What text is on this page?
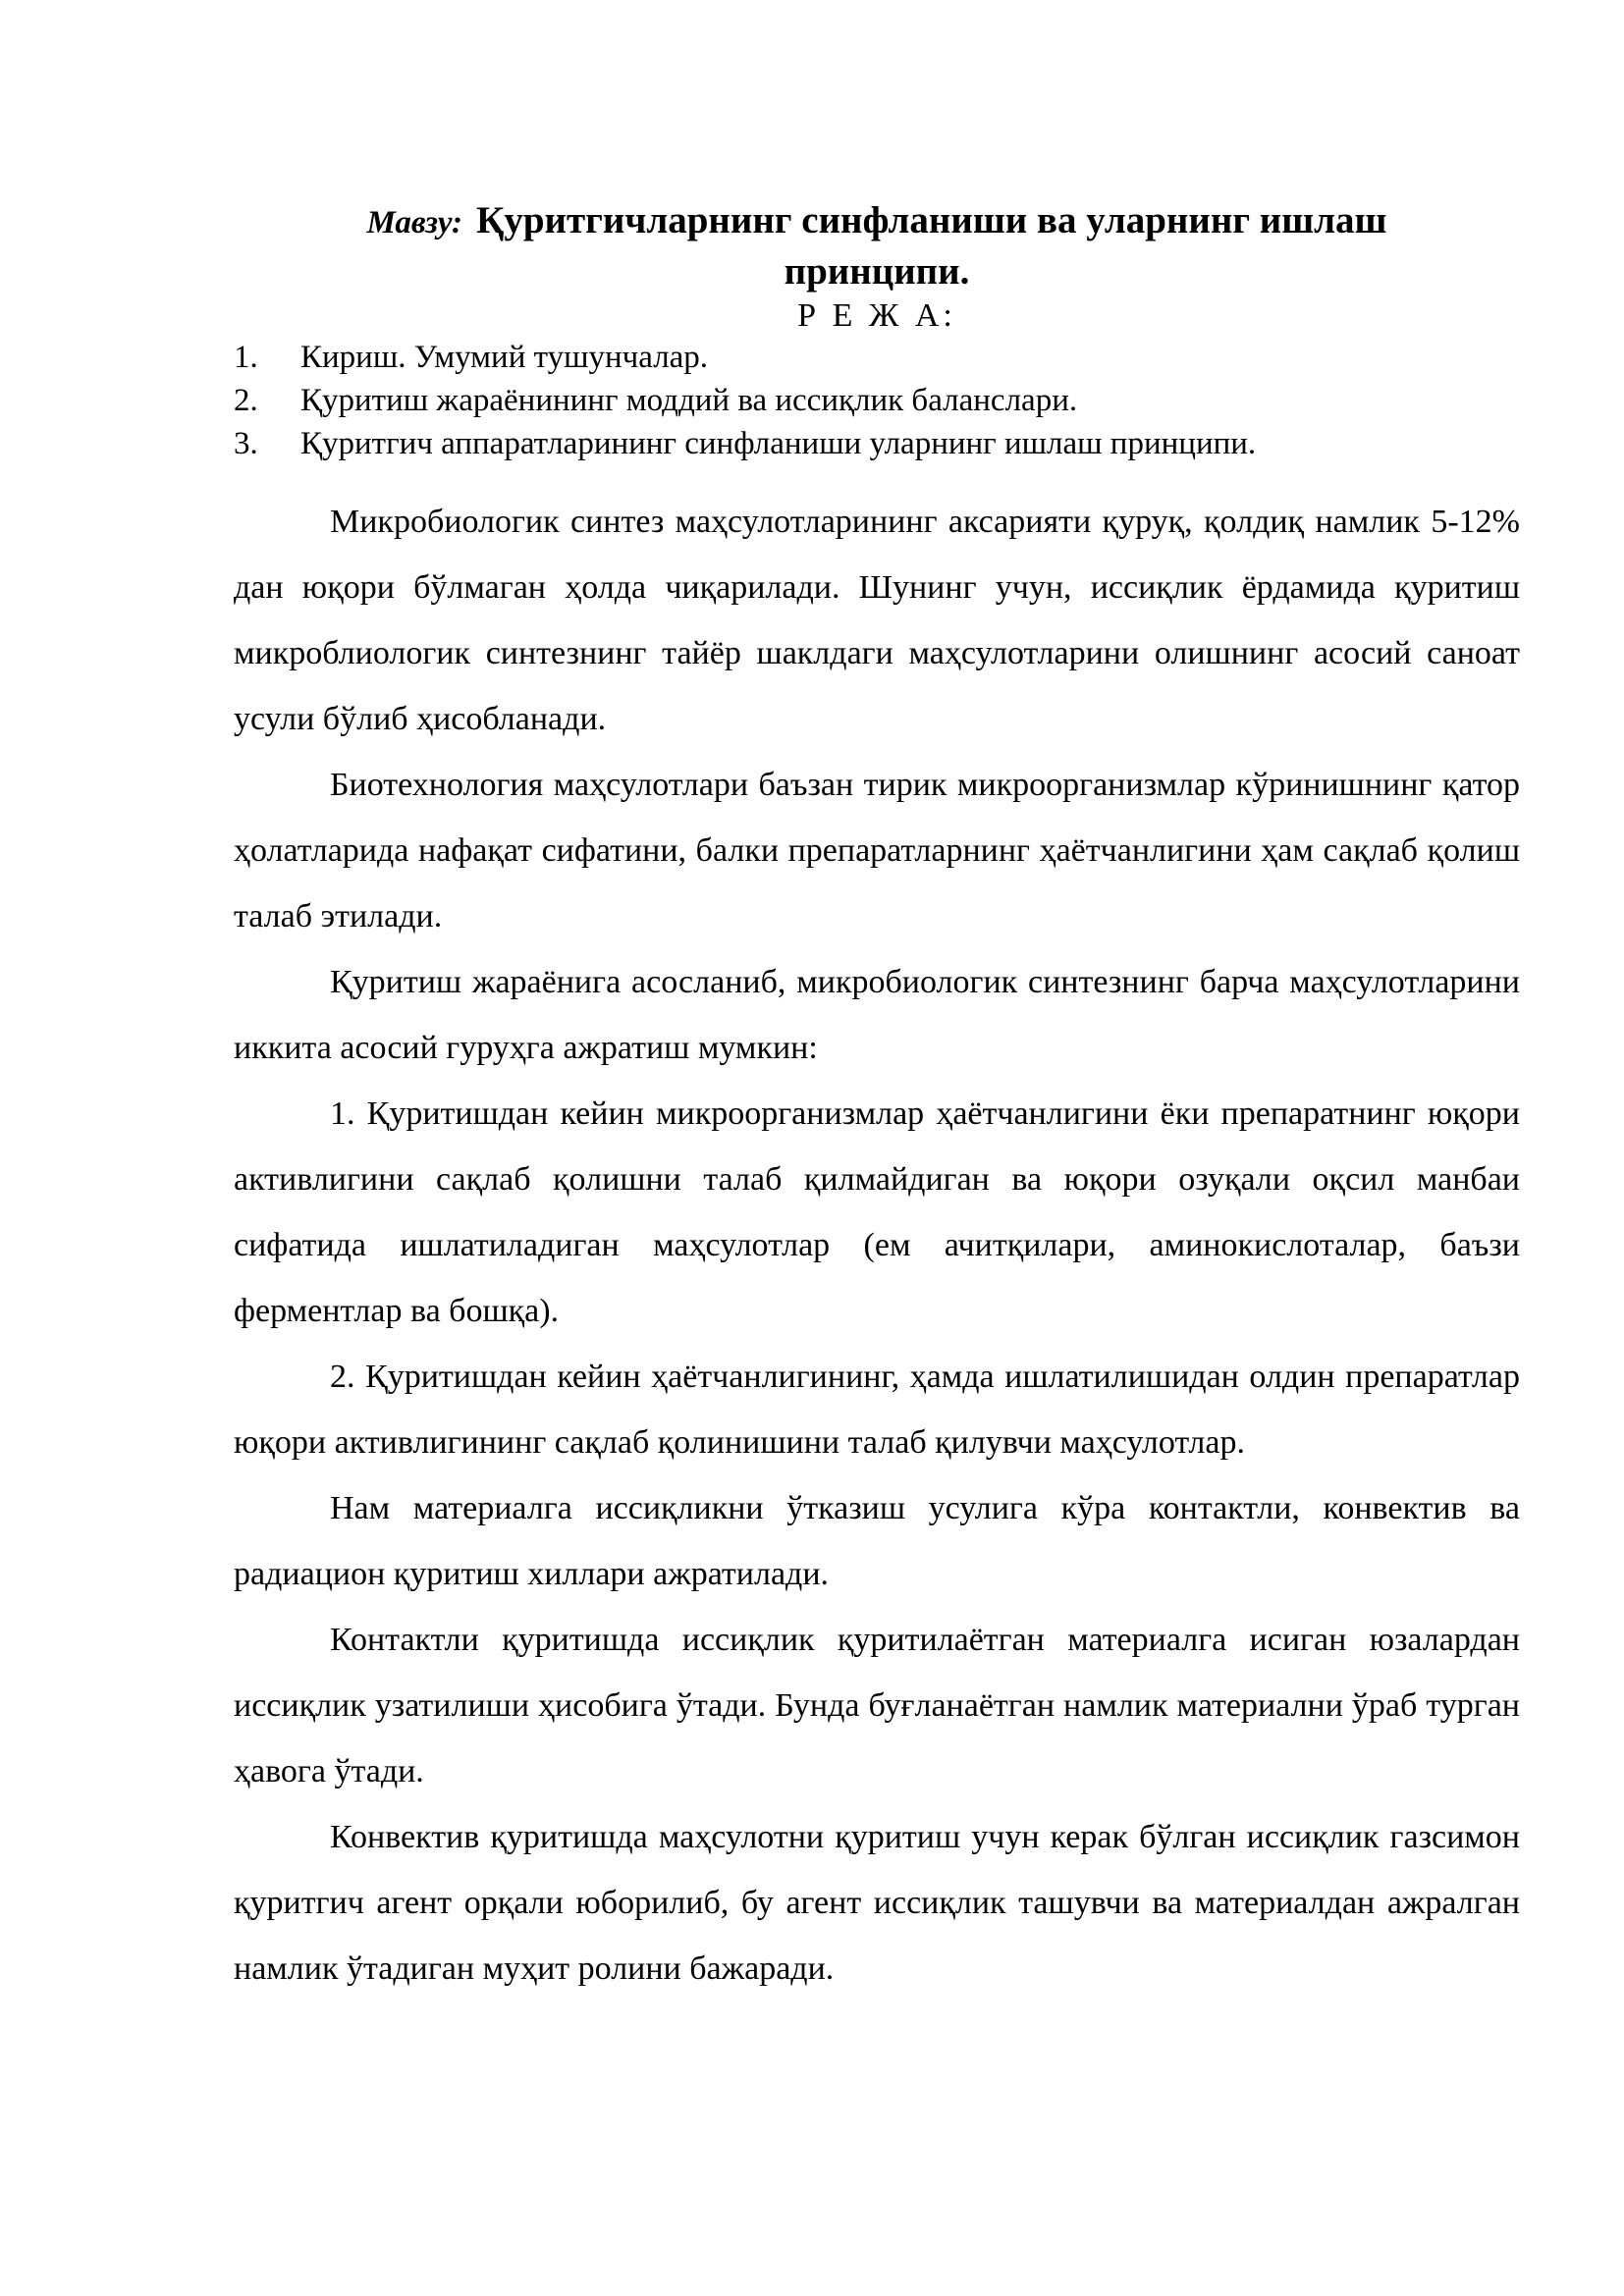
Мавзу: Қуритгичларнинг синфланиши ва уларнинг ишлаш
принципи.
Р Е Ж А:
1.	Кириш. Умумий тушунчалар.
2.	Қуритиш жараёнининг моддий ва иссиқлик баланслари.
3.	Қуритгич аппаратларининг синфланиши уларнинг ишлаш принципи.

Микробиологик синтез маҳсулотларининг аксарияти қуруқ, қолдиқ намлик 5-12% дан юқори бўлмаган ҳолда чиқарилади. Шунинг учун, иссиқлик ёрдамида қуритиш микроблиологик синтезнинг тайёр шаклдаги маҳсулотларини олишнинг асосий саноат усули бўлиб ҳисобланади.

Биотехнология маҳсулотлари баъзан тирик микроорганизмлар кўринишнинг қатор ҳолатларида нафақат сифатини, балки препаратларнинг ҳаётчанлигини ҳам сақлаб қолиш талаб этилади.

Қуритиш жараёнига асосланиб, микробиологик синтезнинг барча маҳсулотларини иккита асосий гуруҳга ажратиш мумкин:

1. Қуритишдан кейин микроорганизмлар ҳаётчанлигини ёки препаратнинг юқори активлигини сақлаб қолишни талаб қилмайдиган ва юқори озуқали оқсил манбаи сифатида ишлатиладиган маҳсулотлар (ем ачитқилари, аминокислоталар, баъзи ферментлар ва бошқа).

2. Қуритишдан кейин ҳаётчанлигининг, ҳамда ишлатилишидан олдин препаратлар юқори активлигининг сақлаб қолинишини талаб қилувчи маҳсулотлар.

Нам материалга иссиқликни ўтказиш усулига кўра контактли, конвектив ва радиацион қуритиш хиллари ажратилади.

Контактли қуритишда иссиқлик қуритилаётган материалга исиган юзалардан иссиқлик узатилиши ҳисобига ўтади. Бунда буғланаётган намлик материални ўраб турган ҳавога ўтади.

Конвектив қуритишда маҳсулотни қуритиш учун керак бўлган иссиқлик газсимон қуритгич агент орқали юборилиб, бу агент иссиқлик ташувчи ва материалдан ажралган намлик ўтадиган муҳит ролини бажаради.
